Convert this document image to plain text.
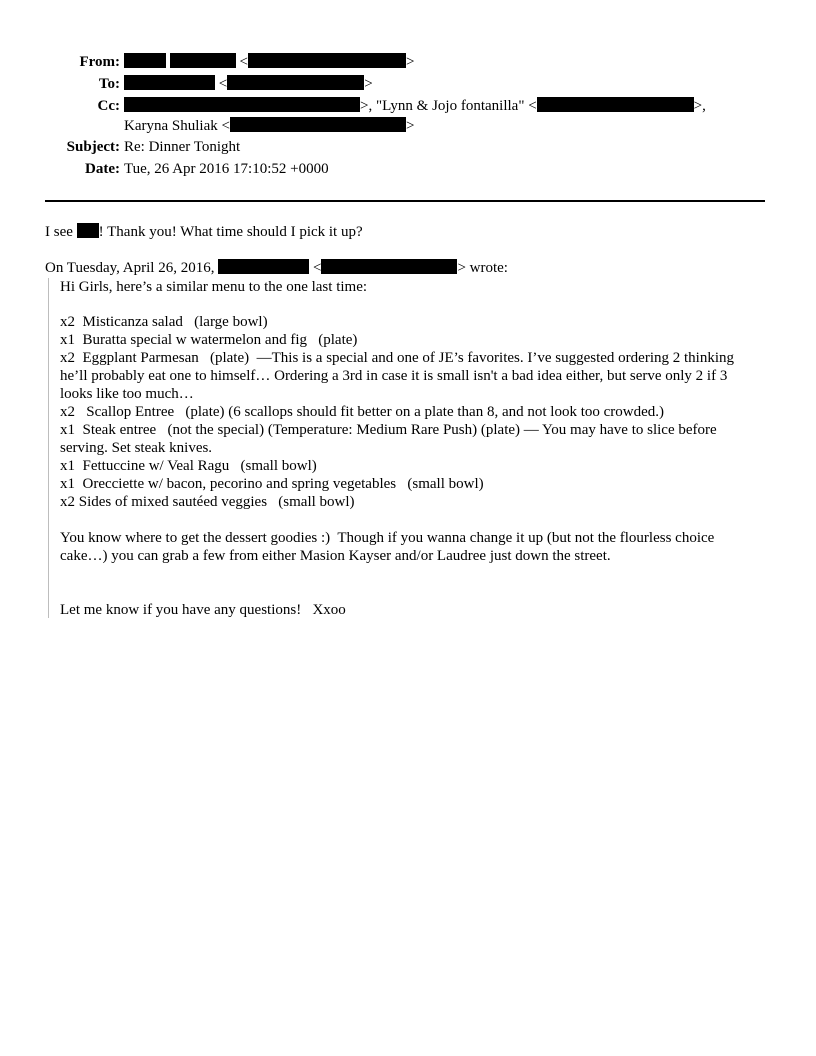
From:	<	>
To:	<	>
Cc:	>, "Lynn & Jojo fontanilla" <	>,
Karyna Shuliak <	>
Subject: Re: Dinner Tonight
Date: Tue, 26 Apr 2016 17:10:52 +0000
I see ! Thank you! What time should I pick it up?
On Tuesday, April 26, 2016,	<	> wrote:
Hi Girls, here’s a similar menu to the one last time:
x2  Misticanza salad   (large bowl)
x1  Buratta special w watermelon and fig   (plate)
x2  Eggplant Parmesan   (plate)  —This is a special and one of JE’s favorites. I’ve suggested ordering 2 thinking he’ll probably eat one to himself… Ordering a 3rd in case it is small isn't a bad idea either, but serve only 2 if 3 looks like too much…
x2   Scallop Entree   (plate) (6 scallops should fit better on a plate than 8, and not look too crowded.)
x1  Steak entree   (not the special) (Temperature: Medium Rare Push) (plate) — You may have to slice before serving. Set steak knives.
x1  Fettuccine w/ Veal Ragu   (small bowl)
x1  Orecciette w/ bacon, pecorino and spring vegetables   (small bowl)
x2 Sides of mixed sautéed veggies   (small bowl)
You know where to get the dessert goodies :)  Though if you wanna change it up (but not the flourless choice cake…) you can grab a few from either Masion Kayser and/or Laudree just down the street.
Let me know if you have any questions!   Xxoo
